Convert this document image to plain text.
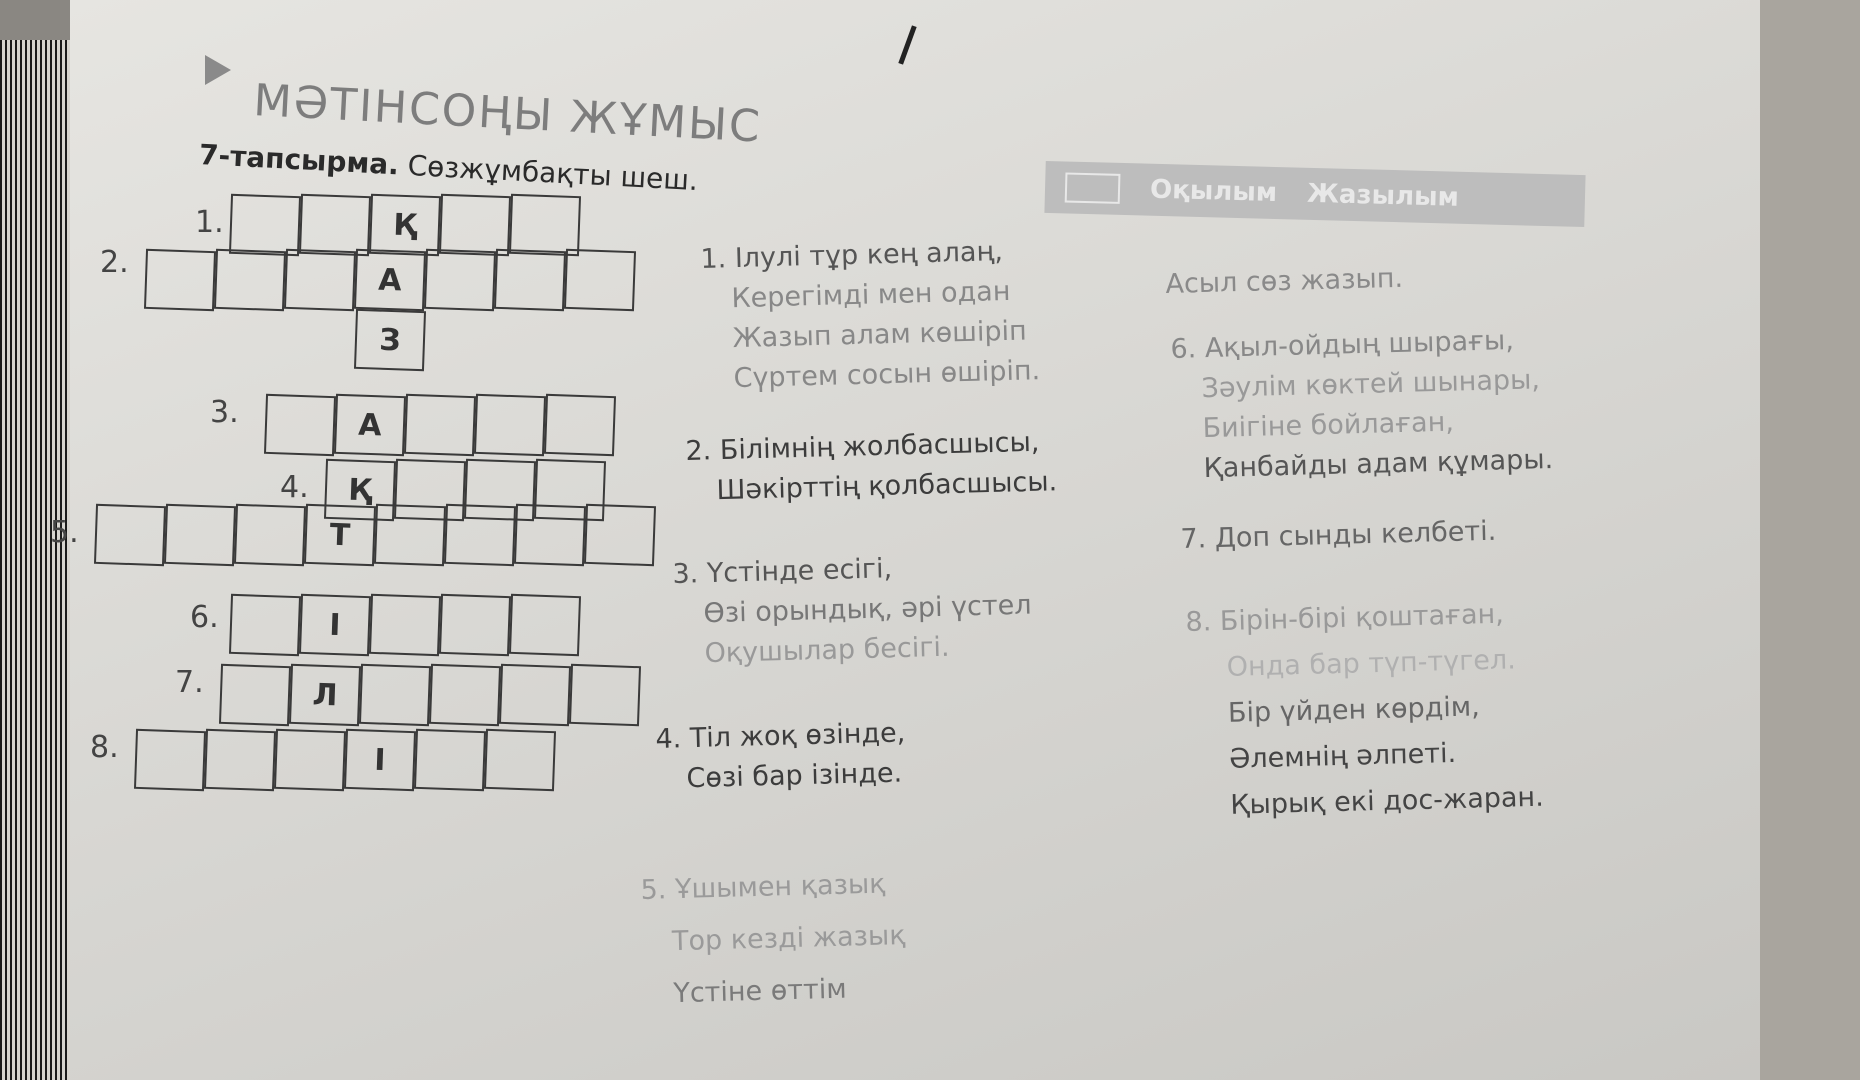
МӘТІНСОҢЫ ЖҰМЫС
7-тапсырма. Сөзжұмбақты шеш.	Оқылым Жазылым
1.	Қ
2.	А
З
3.	А
4.	Қ
5.	Т
6.	І
7.	Л
8.	І
1. Ілулі тұр кең алаң,
Керегімді мен одан
Жазып алам көшіріп
Сүртем сосын өшіріп.
2. Білімнің жолбасшысы,
Шәкірттің қолбасшысы.
3. Үстінде есігі,
Өзі орындық, әрі үстел
Оқушылар бесігі.
4. Тіл жоқ өзінде,
Сөзі бар ізінде.
5. Ұшымен қазық
Тор кезді жазық
Үстіне өттім
Асыл сөз жазып.
6. Ақыл-ойдың шырағы,
Зәулім көктей шынары,
Биігіне бойлаған,
Қанбайды адам құмары.
7. Доп сынды келбеті.
8. Бірін-бірі қоштаған,
Онда бар түп-түгел.
Бір үйден көрдім,
Әлемнің әлпеті.
Қырық екі дос-жаран.
